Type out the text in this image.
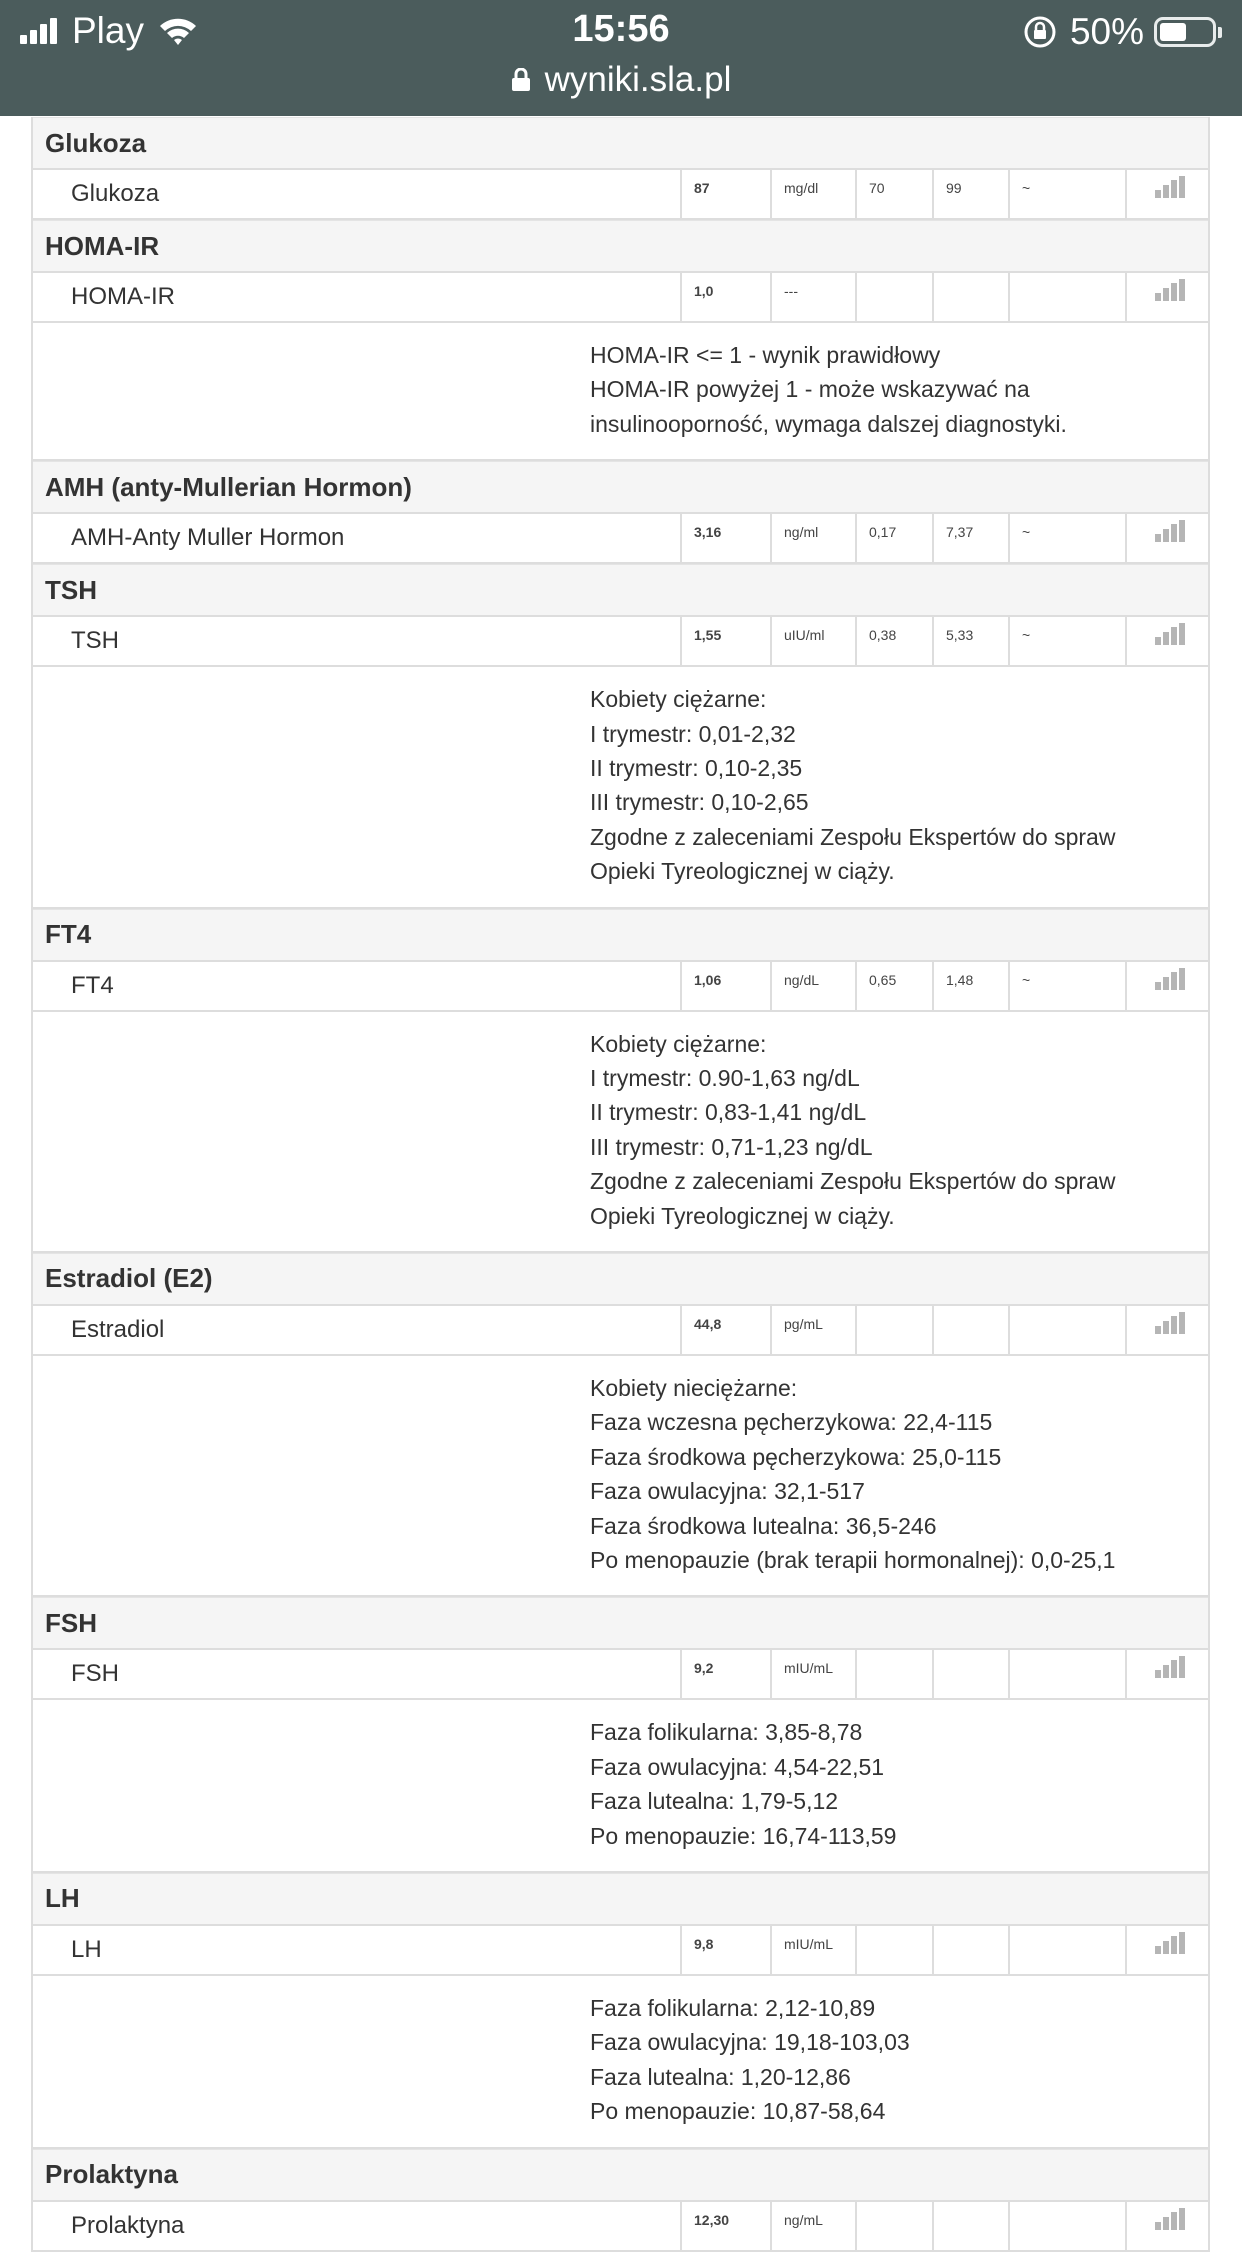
Play	15:56	50%
wyniki.sla.pl
Glukoza
Glukoza	87	mg/dl	70	99	~
HOMA-IR
HOMA-IR	1,0	---
HOMA-IR <= 1 - wynik prawidłowy
HOMA-IR powyżej 1 - może wskazywać na
insulinooporność, wymaga dalszej diagnostyki.
AMH (anty-Mullerian Hormon)
AMH-Anty Muller Hormon	3,16	ng/ml	0,17	7,37	~
TSH
TSH	1,55	uIU/ml	0,38	5,33	~
Kobiety ciężarne:
I trymestr: 0,01-2,32
II trymestr: 0,10-2,35
III trymestr: 0,10-2,65
Zgodne z zaleceniami Zespołu Ekspertów do spraw
Opieki Tyreologicznej w ciąży.
FT4
FT4	1,06	ng/dL	0,65	1,48	~
Kobiety ciężarne:
I trymestr: 0.90-1,63 ng/dL
II trymestr: 0,83-1,41 ng/dL
III trymestr: 0,71-1,23 ng/dL
Zgodne z zaleceniami Zespołu Ekspertów do spraw
Opieki Tyreologicznej w ciąży.
Estradiol (E2)
Estradiol	44,8	pg/mL
Kobiety nieciężarne:
Faza wczesna pęcherzykowa: 22,4-115
Faza środkowa pęcherzykowa: 25,0-115
Faza owulacyjna: 32,1-517
Faza środkowa lutealna: 36,5-246
Po menopauzie (brak terapii hormonalnej): 0,0-25,1
FSH
FSH	9,2	mIU/mL
Faza folikularna: 3,85-8,78
Faza owulacyjna: 4,54-22,51
Faza lutealna: 1,79-5,12
Po menopauzie: 16,74-113,59
LH
LH	9,8	mIU/mL
Faza folikularna: 2,12-10,89
Faza owulacyjna: 19,18-103,03
Faza lutealna: 1,20-12,86
Po menopauzie: 10,87-58,64
Prolaktyna
Prolaktyna	12,30	ng/mL
